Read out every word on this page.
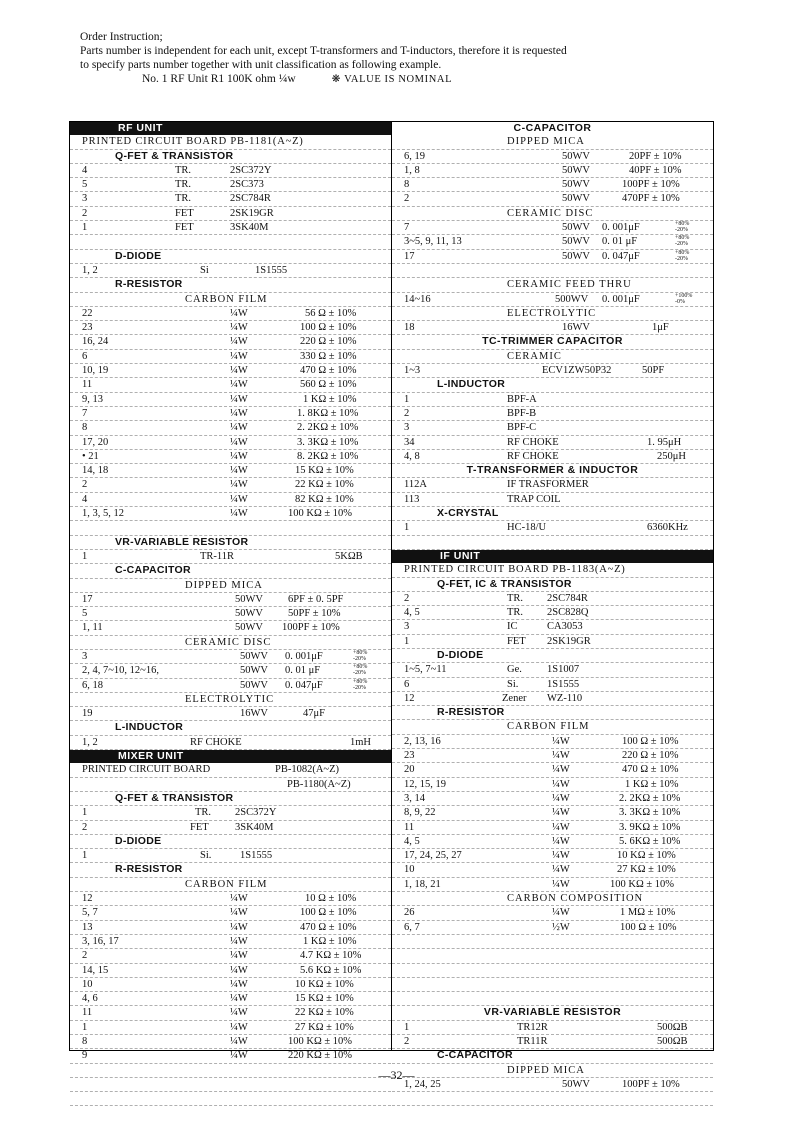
Order Instruction;
Parts number is independent for each unit, except T-transformers and T-inductors, therefore it is requested
to specify parts number together with unit classification as following example.
No. 1 RF Unit R1 100K ohm ¼w	❋ VALUE IS NOMINAL
RF UNIT
PRINTED CIRCUIT BOARD PB-1181(A~Z)
Q-FET & TRANSISTOR
4	TR.	2SC372Y
5	TR.	2SC373
3	TR.	2SC784R
2	FET	2SK19GR
1	FET	3SK40M
D-DIODE
1, 2	Si	1S1555
R-RESISTOR
CARBON FILM
22	¼W	56 Ω ± 10%
23	¼W	100 Ω ± 10%
16, 24	¼W	220 Ω ± 10%
6	¼W	330 Ω ± 10%
10, 19	¼W	470 Ω ± 10%
11	¼W	560 Ω ± 10%
9, 13	¼W	1 KΩ ± 10%
7	¼W	1. 8KΩ ± 10%
8	¼W	2. 2KΩ ± 10%
17, 20	¼W	3. 3KΩ ± 10%
• 21	¼W	8. 2KΩ ± 10%
14, 18	¼W	15 KΩ ± 10%
2	¼W	22 KΩ ± 10%
4	¼W	82 KΩ ± 10%
1, 3, 5, 12	¼W	100 KΩ ± 10%
VR-VARIABLE RESISTOR
1	TR-11R	5KΩB
C-CAPACITOR
DIPPED MICA
17	50WV 6PF ± 0. 5PF
5	50WV 50PF ± 10%
1, 11	50WV 100PF ± 10%
CERAMIC DISC
3	50WV 0. 001μF	+80%
-20%
2, 4, 7~10, 12~16,	50WV 0. 01 μF	+80%
-20%
6, 18	50WV 0. 047μF	+80%
-20%
ELECTROLYTIC
19	16WV	47μF
L-INDUCTOR
1, 2	RF CHOKE	1mH
MIXER UNIT
PRINTED CIRCUIT BOARD	PB-1082(A~Z)
PB-1180(A~Z)
Q-FET & TRANSISTOR
1	TR. 2SC372Y
2	FET	3SK40M
D-DIODE
1	Si.	1S1555
R-RESISTOR
CARBON FILM
12	¼W	10 Ω ± 10%
5, 7	¼W	100 Ω ± 10%
13	¼W	470 Ω ± 10%
3, 16, 17	¼W	1 KΩ ± 10%
2	¼W	4.7 KΩ ± 10%
14, 15	¼W	5.6 KΩ ± 10%
10	¼W	10 KΩ ± 10%
4, 6	¼W	15 KΩ ± 10%
11	¼W	22 KΩ ± 10%
1	¼W	27 KΩ ± 10%
8	¼W	100 KΩ ± 10%
9	¼W	220 KΩ ± 10%
C-CAPACITOR
DIPPED MICA
6, 19	50WV	20PF ± 10%
1, 8	50WV	40PF ± 10%
8	50WV	100PF ± 10%
2	50WV	470PF ± 10%
CERAMIC DISC
7	50WV 0. 001μF	+80%
-20%
3~5, 9, 11, 13	50WV 0. 01 μF	+80%
-20%
17	50WV 0. 047μF	+80%
-20%
CERAMIC FEED THRU
14~16	500WV 0. 001μF	+100%
-0%
ELECTROLYTIC
18	16WV	1μF
TC-TRIMMER CAPACITOR
CERAMIC
1~3	ECV1ZW50P32	50PF
L-INDUCTOR
1	BPF-A
2	BPF-B
3	BPF-C
34	RF CHOKE	1. 95μH
4, 8	RF CHOKE	250μH
T-TRANSFORMER & INDUCTOR
112A	IF TRASFORMER
113	TRAP COIL
X-CRYSTAL
1	HC-18/U	6360KHz
IF UNIT
PRINTED CIRCUIT BOARD PB-1183(A~Z)
Q-FET, IC & TRANSISTOR
2	TR. 2SC784R
4, 5	TR. 2SC828Q
3	IC	CA3053
1	FET 2SK19GR
D-DIODE
1~5, 7~11	Ge. 1S1007
6	Si.	1S1555
12	Zener WZ-110
R-RESISTOR
CARBON FILM
2, 13, 16	¼W	100 Ω ± 10%
23	¼W	220 Ω ± 10%
20	¼W	470 Ω ± 10%
12, 15, 19	¼W	1 KΩ ± 10%
3, 14	¼W	2. 2KΩ ± 10%
8, 9, 22	¼W	3. 3KΩ ± 10%
11	¼W	3. 9KΩ ± 10%
4, 5	¼W	5. 6KΩ ± 10%
17, 24, 25, 27	¼W	10 KΩ ± 10%
10	¼W	27 KΩ ± 10%
1, 18, 21	¼W	100 KΩ ± 10%
CARBON COMPOSITION
26	¼W	1 MΩ ± 10%
6, 7	½W	100 Ω ± 10%
VR-VARIABLE RESISTOR
1	TR12R	500ΩB
2	TR11R	500ΩB
C-CAPACITOR
DIPPED MICA
1, 24, 25	50WV	100PF ± 10%
—32—
